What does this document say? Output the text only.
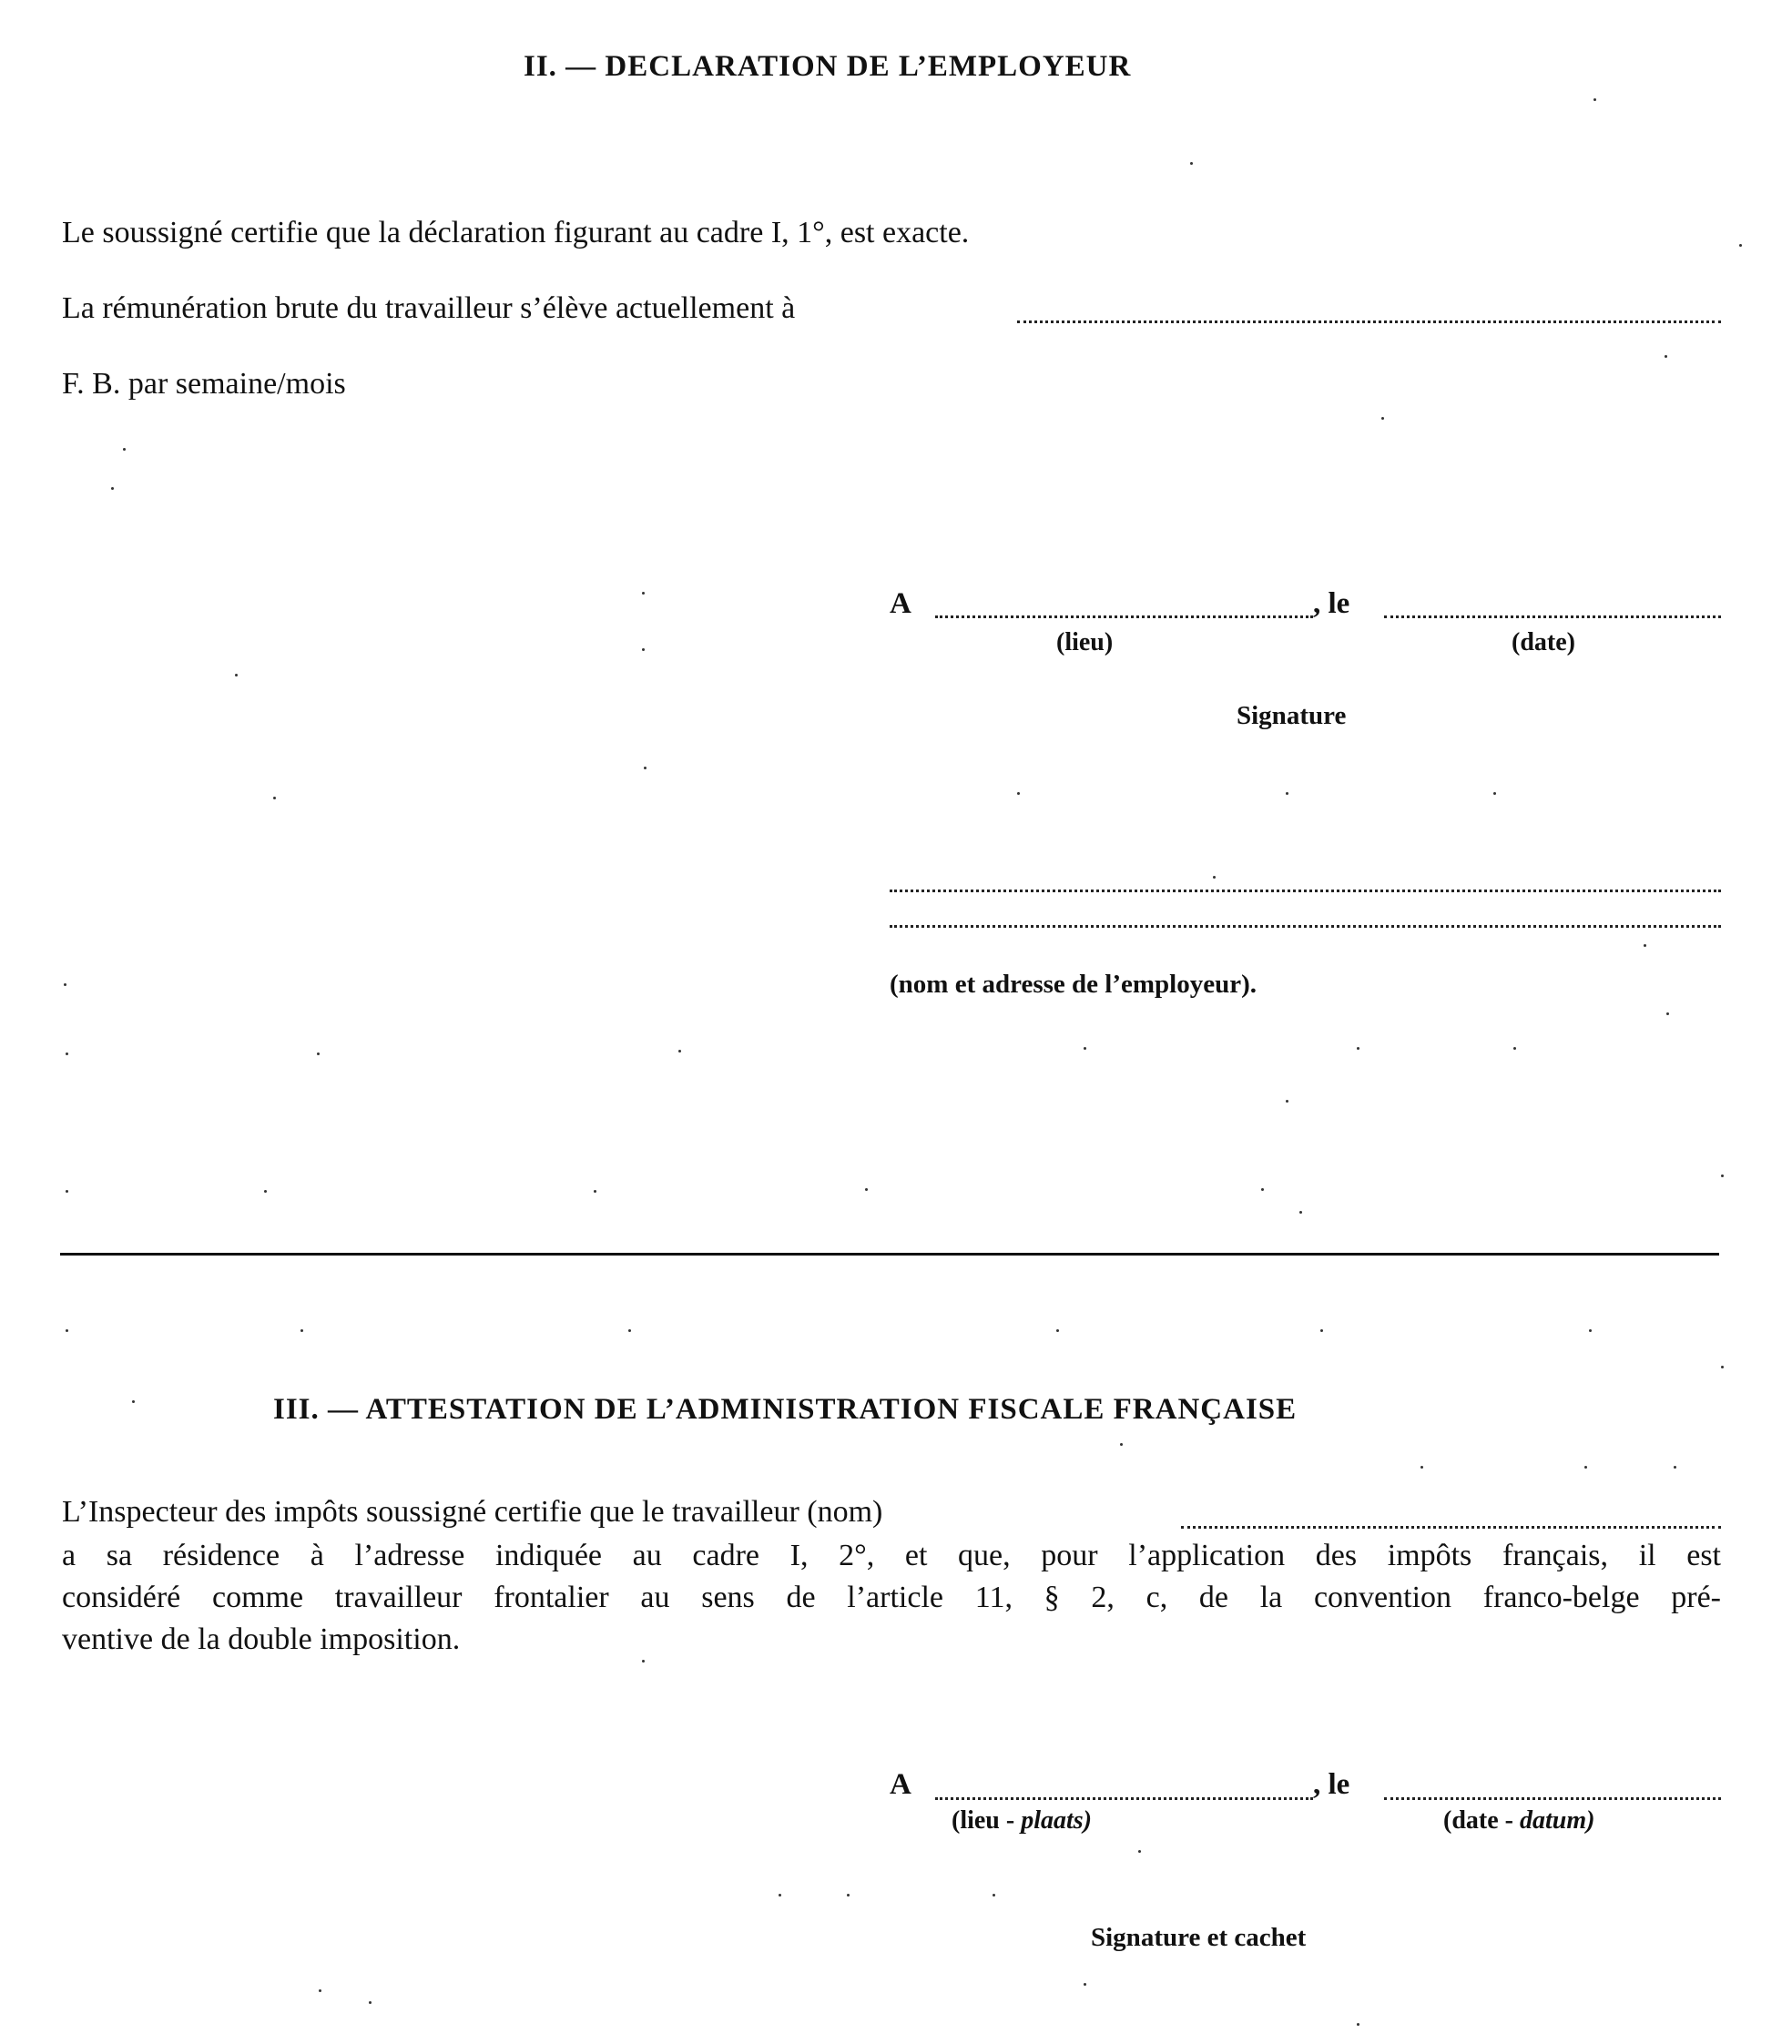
II. — DECLARATION DE L’EMPLOYEUR
Le soussigné certifie que la déclaration figurant au cadre I, 1°, est exacte.
La rémunération brute du travailleur s’élève actuellement à
F. B. par semaine/mois
A	, le
(lieu)	(date)
Signature
(nom et adresse de l’employeur).
III. — ATTESTATION DE L’ADMINISTRATION FISCALE FRANÇAISE
L’Inspecteur des impôts soussigné certifie que le travailleur (nom)
a sa résidence à l’adresse indiquée au cadre I, 2°, et que, pour l’application des impôts français, il est
considéré comme travailleur frontalier au sens de l’article 11, § 2, c, de la convention franco-belge pré-
ventive de la double imposition.
A	, le
(lieu - plaats)	(date - datum)
Signature et cachet
